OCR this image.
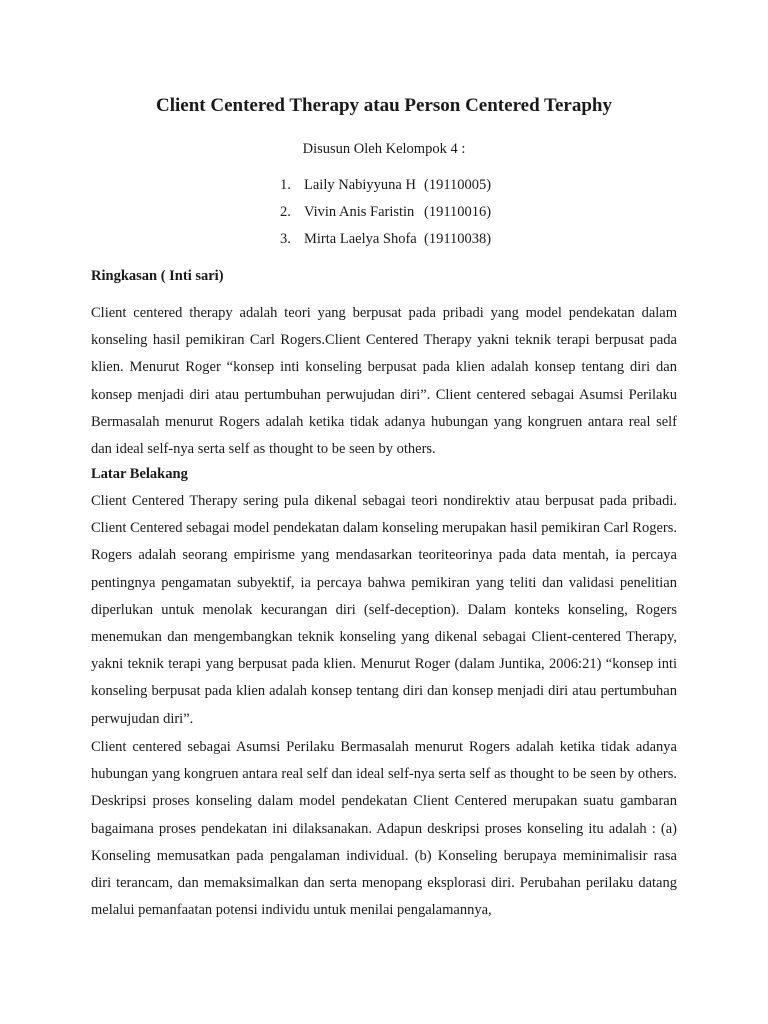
Client Centered Therapy atau Person Centered Teraphy
Disusun Oleh Kelompok 4 :
1. Laily Nabiyyuna H (19110005)
2. Vivin Anis Faristin (19110016)
3. Mirta Laelya Shofa (19110038)
Ringkasan ( Inti sari)

Client centered therapy adalah teori yang berpusat pada pribadi yang model pendekatan dalam konseling hasil pemikiran Carl Rogers.Client Centered Therapy yakni teknik terapi berpusat pada klien. Menurut Roger “konsep inti konseling berpusat pada klien adalah konsep tentang diri dan konsep menjadi diri atau pertumbuhan perwujudan diri”. Client centered sebagai Asumsi Perilaku Bermasalah menurut Rogers adalah ketika tidak adanya hubungan yang kongruen antara real self dan ideal self-nya serta self as thought to be seen by others.

Latar Belakang

Client Centered Therapy sering pula dikenal sebagai teori nondirektiv atau berpusat pada pribadi. Client Centered sebagai model pendekatan dalam konseling merupakan hasil pemikiran Carl Rogers. Rogers adalah seorang empirisme yang mendasarkan teoriteorinya pada data mentah, ia percaya pentingnya pengamatan subyektif, ia percaya bahwa pemikiran yang teliti dan validasi penelitian diperlukan untuk menolak kecurangan diri (self-deception). Dalam konteks konseling, Rogers menemukan dan mengembangkan teknik konseling yang dikenal sebagai Client-centered Therapy, yakni teknik terapi yang berpusat pada klien. Menurut Roger (dalam Juntika, 2006:21) “konsep inti konseling berpusat pada klien adalah konsep tentang diri dan konsep menjadi diri atau pertumbuhan perwujudan diri”.

Client centered sebagai Asumsi Perilaku Bermasalah menurut Rogers adalah ketika tidak adanya hubungan yang kongruen antara real self dan ideal self-nya serta self as thought to be seen by others. Deskripsi proses konseling dalam model pendekatan Client Centered merupakan suatu gambaran bagaimana proses pendekatan ini dilaksanakan. Adapun deskripsi proses konseling itu adalah : (a) Konseling memusatkan pada pengalaman individual. (b) Konseling berupaya meminimalisir rasa diri terancam, dan memaksimalkan dan serta menopang eksplorasi diri. Perubahan perilaku datang melalui pemanfaatan potensi individu untuk menilai pengalamannya,
